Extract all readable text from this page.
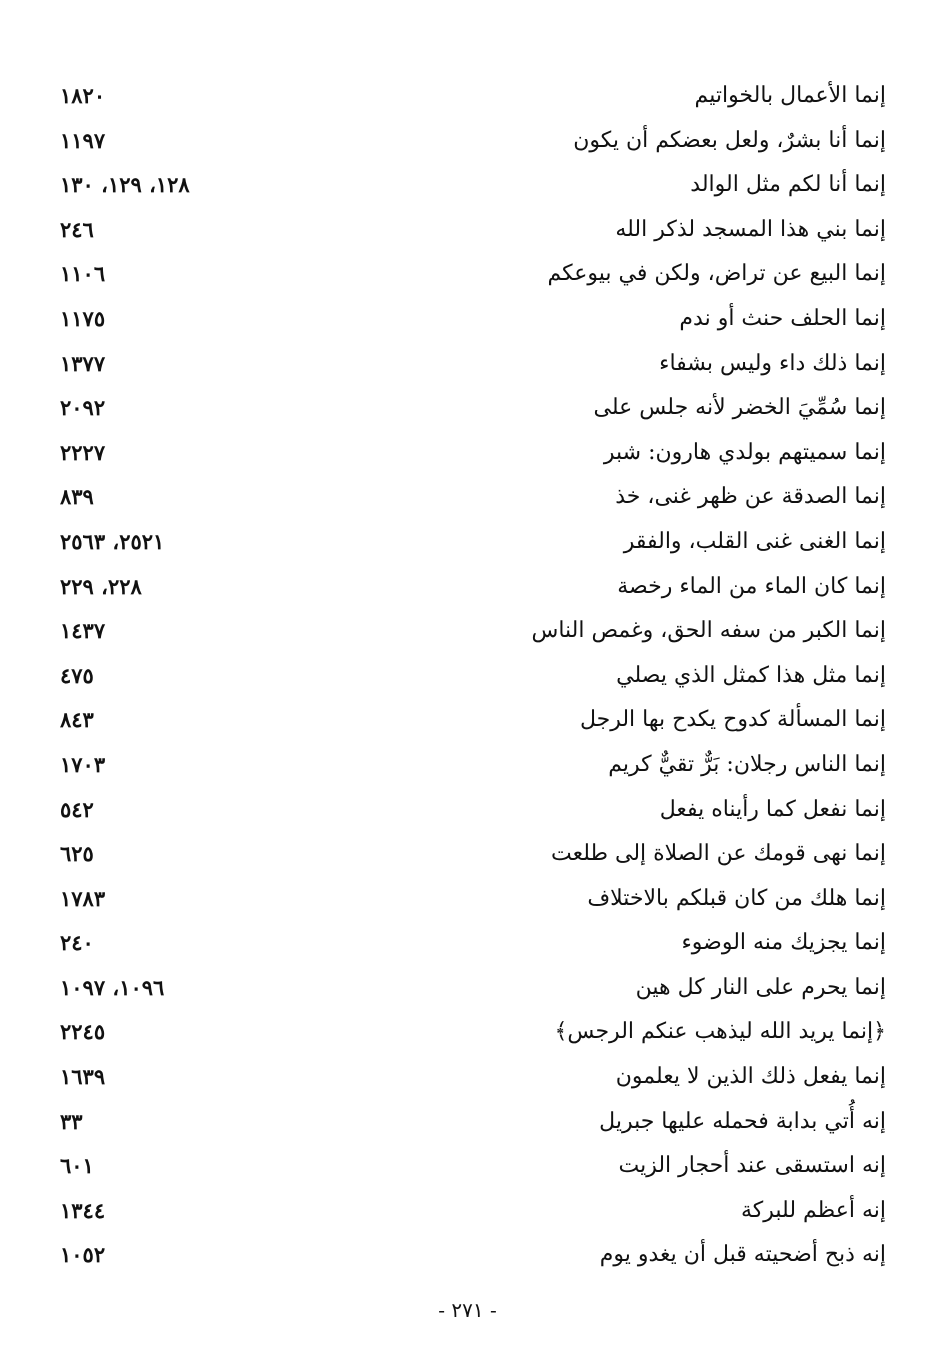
إنما الأعمال بالخواتيم
١٨٢٠
إنما أنا بشرٌ، ولعل بعضكم أن يكون
١١٩٧
إنما أنا لكم مثل الوالد
١٢٨، ١٢٩، ١٣٠
إنما بني هذا المسجد لذكر الله
٢٤٦
إنما البيع عن تراض، ولكن في بيوعكم
١١٠٦
إنما الحلف حنث أو ندم
١١٧٥
إنما ذلك داء وليس بشفاء
١٣٧٧
إنما سُمِّيَ الخضر لأنه جلس على
٢٠٩٢
إنما سميتهم بولدي هارون: شبر
٢٢٢٧
إنما الصدقة عن ظهر غنى، خذ
٨٣٩
إنما الغنى غنى القلب، والفقر
٢٥٢١، ٢٥٦٣
إنما كان الماء من الماء رخصة
٢٢٨، ٢٢٩
إنما الكبر من سفه الحق، وغمص الناس
١٤٣٧
إنما مثل هذا كمثل الذي يصلي
٤٧٥
إنما المسألة كدوح يكدح بها الرجل
٨٤٣
إنما الناس رجلان: بَرٌّ تقيٌّ كريم
١٧٠٣
إنما نفعل كما رأيناه يفعل
٥٤٢
إنما نهى قومك عن الصلاة إلى طلعت
٦٢٥
إنما هلك من كان قبلكم بالاختلاف
١٧٨٣
إنما يجزيك منه الوضوء
٢٤٠
إنما يحرم على النار كل هين
١٠٩٦، ١٠٩٧
﴿إنما يريد الله ليذهب عنكم الرجس﴾
٢٢٤٥
إنما يفعل ذلك الذين لا يعلمون
١٦٣٩
إنه أُتي بدابة فحمله عليها جبريل
٣٣
إنه استسقى عند أحجار الزيت
٦٠١
إنه أعظم للبركة
١٣٤٤
إنه ذبح أضحيته قبل أن يغدو يوم
١٠٥٢
- ٢٧١ -
